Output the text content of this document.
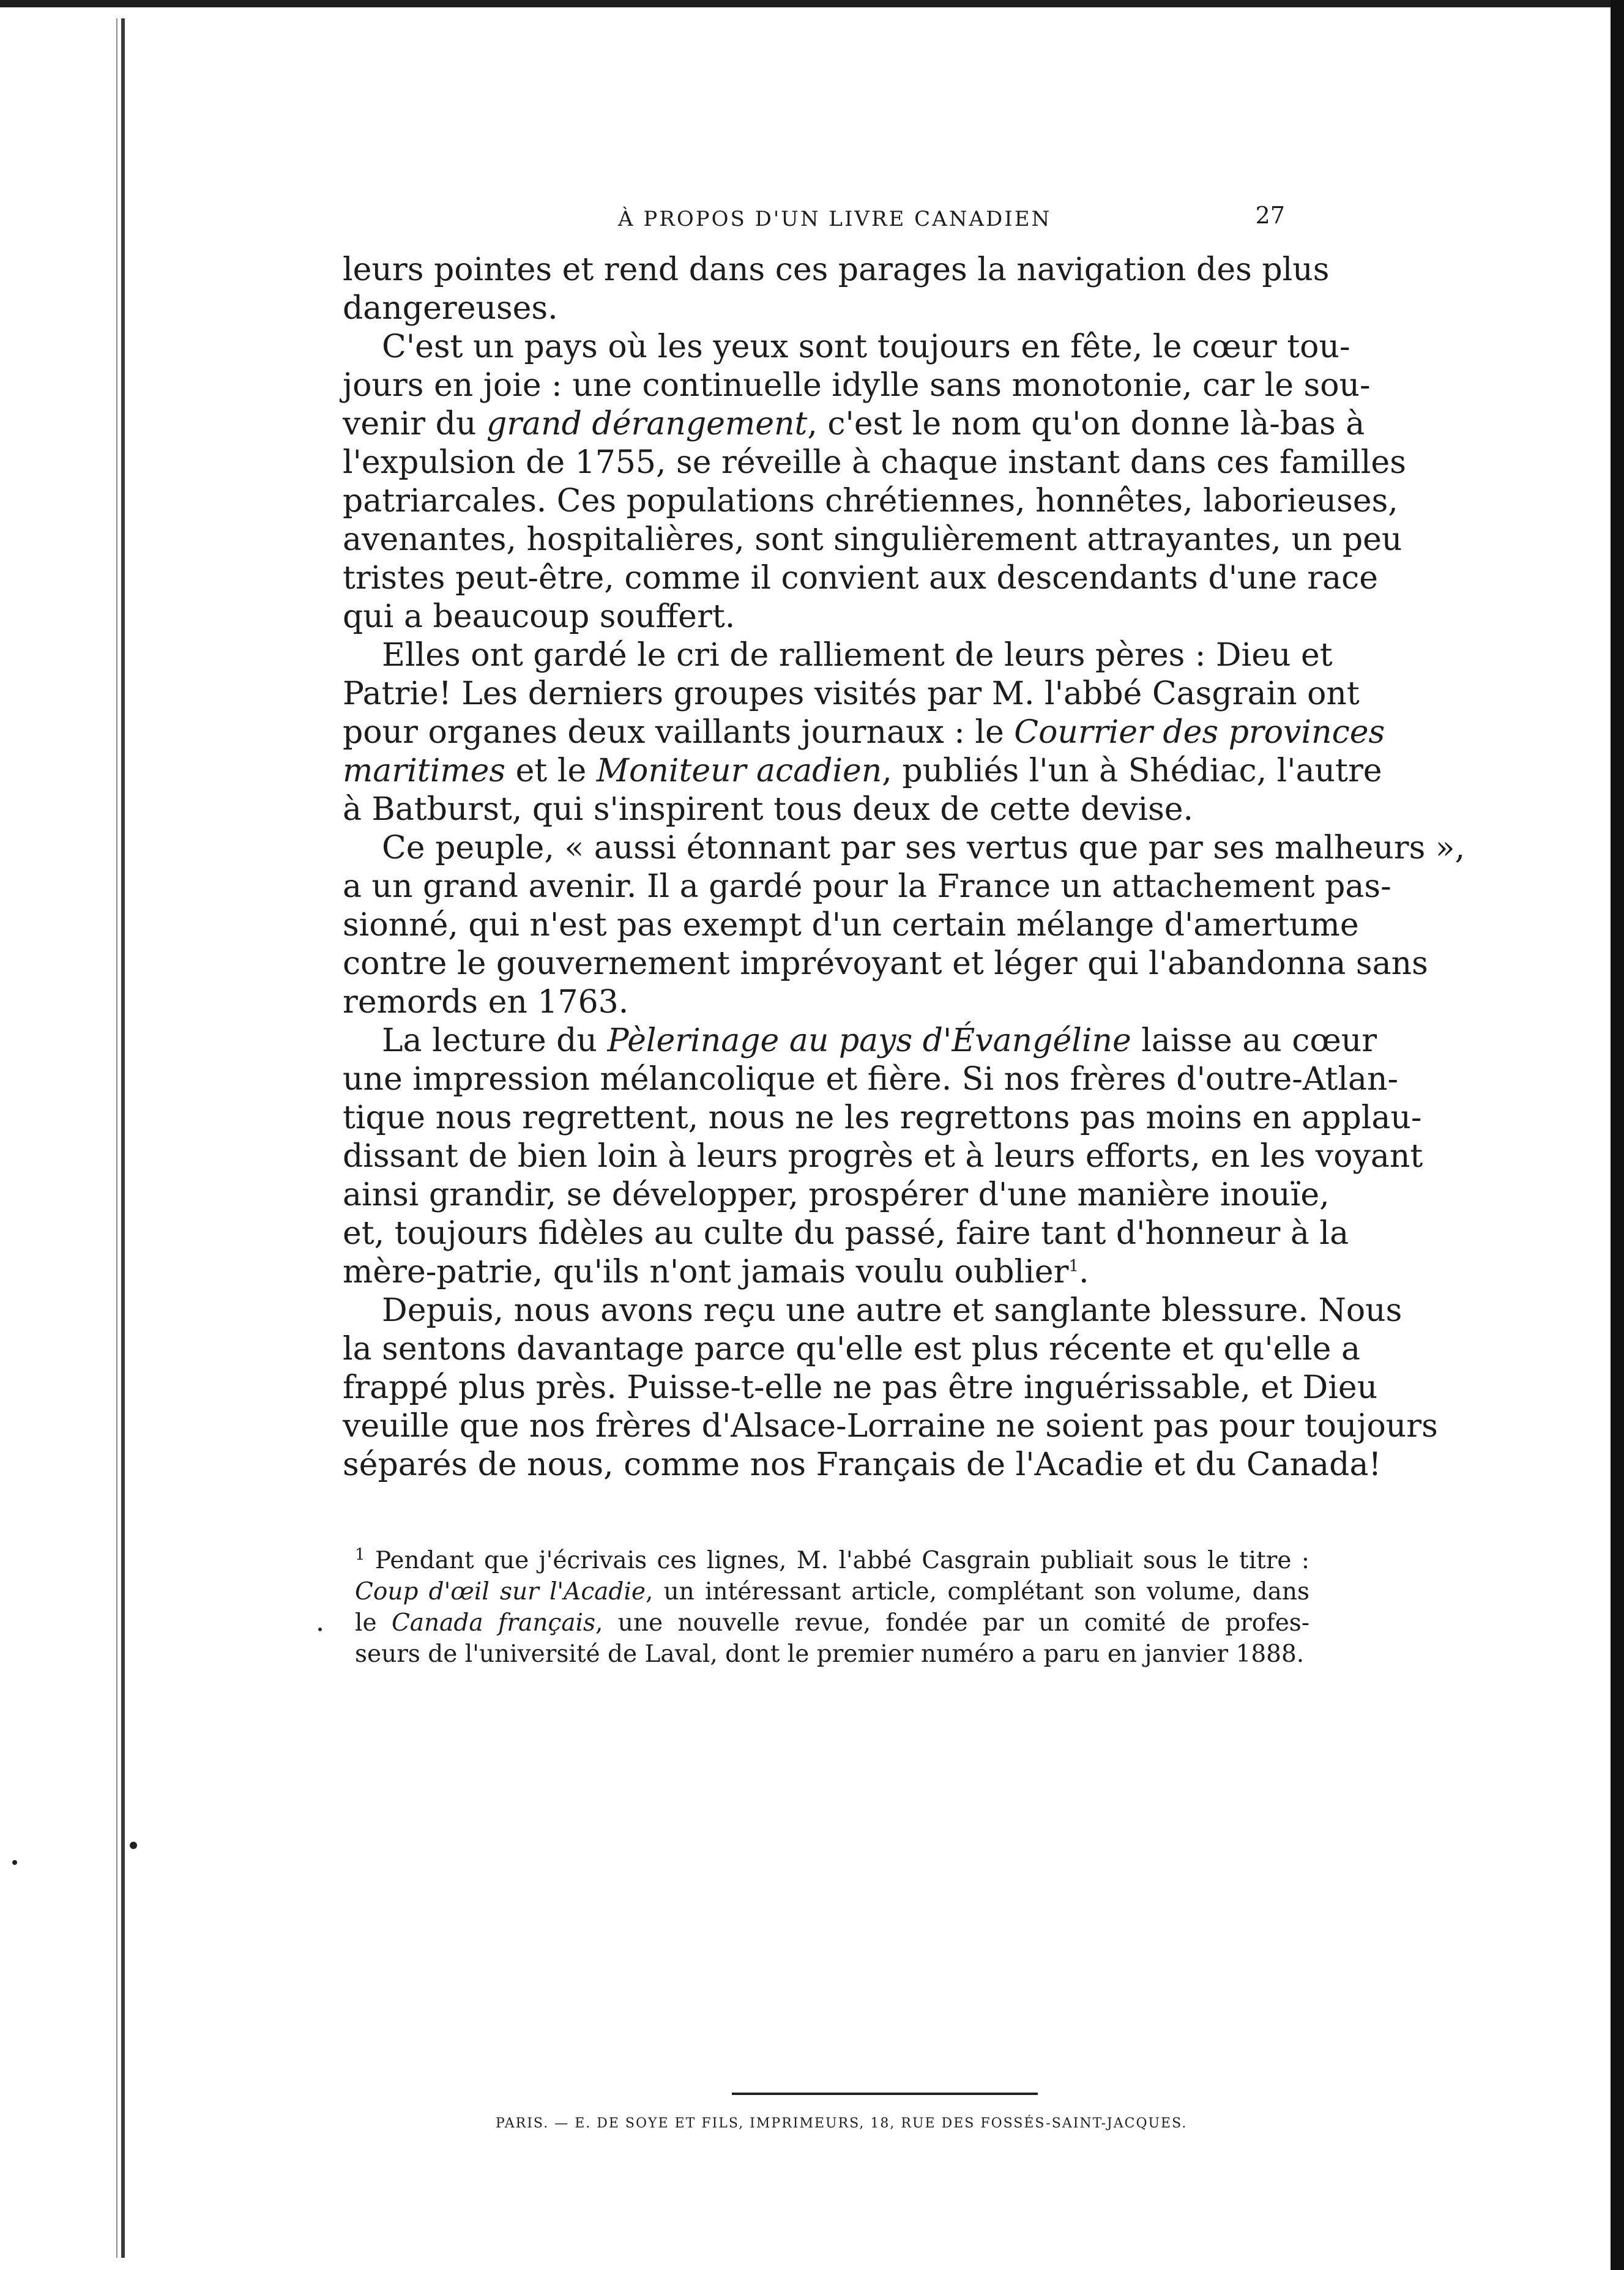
À PROPOS D'UN LIVRE CANADIEN	27
leurs pointes et rend dans ces parages la navigation des plus
dangereuses.
C'est un pays où les yeux sont toujours en fête, le cœur tou-
jours en joie : une continuelle idylle sans monotonie, car le sou-
venir du grand dérangement, c'est le nom qu'on donne là-bas à
l'expulsion de 1755, se réveille à chaque instant dans ces familles
patriarcales. Ces populations chrétiennes, honnêtes, laborieuses,
avenantes, hospitalières, sont singulièrement attrayantes, un peu
tristes peut-être, comme il convient aux descendants d'une race
qui a beaucoup souffert.
Elles ont gardé le cri de ralliement de leurs pères : Dieu et
Patrie! Les derniers groupes visités par M. l'abbé Casgrain ont
pour organes deux vaillants journaux : le Courrier des provinces
maritimes et le Moniteur acadien, publiés l'un à Shédiac, l'autre
à Batburst, qui s'inspirent tous deux de cette devise.
Ce peuple, « aussi étonnant par ses vertus que par ses malheurs »,
a un grand avenir. Il a gardé pour la France un attachement pas-
sionné, qui n'est pas exempt d'un certain mélange d'amertume
contre le gouvernement imprévoyant et léger qui l'abandonna sans
remords en 1763.
La lecture du Pèlerinage au pays d'Évangéline laisse au cœur
une impression mélancolique et fière. Si nos frères d'outre-Atlan-
tique nous regrettent, nous ne les regrettons pas moins en applau-
dissant de bien loin à leurs progrès et à leurs efforts, en les voyant
ainsi grandir, se développer, prospérer d'une manière inouïe,
et, toujours fidèles au culte du passé, faire tant d'honneur à la
mère-patrie, qu'ils n'ont jamais voulu oublier$^1$.
Depuis, nous avons reçu une autre et sanglante blessure. Nous
la sentons davantage parce qu'elle est plus récente et qu'elle a
frappé plus près. Puisse-t-elle ne pas être inguérissable, et Dieu
veuille que nos frères d'Alsace-Lorraine ne soient pas pour toujours
séparés de nous, comme nos Français de l'Acadie et du Canada!
$^1$ Pendant que j'écrivais ces lignes, M. l'abbé Casgrain publiait sous le titre :
Coup d'œil sur l'Acadie, un intéressant article, complétant son volume, dans
le Canada français, une nouvelle revue, fondée par un comité de profes-
seurs de l'université de Laval, dont le premier numéro a paru en janvier 1888.
PARIS. — E. DE SOYE ET FILS, IMPRIMEURS, 18, RUE DES FOSSÉS-SAINT-JACQUES.
